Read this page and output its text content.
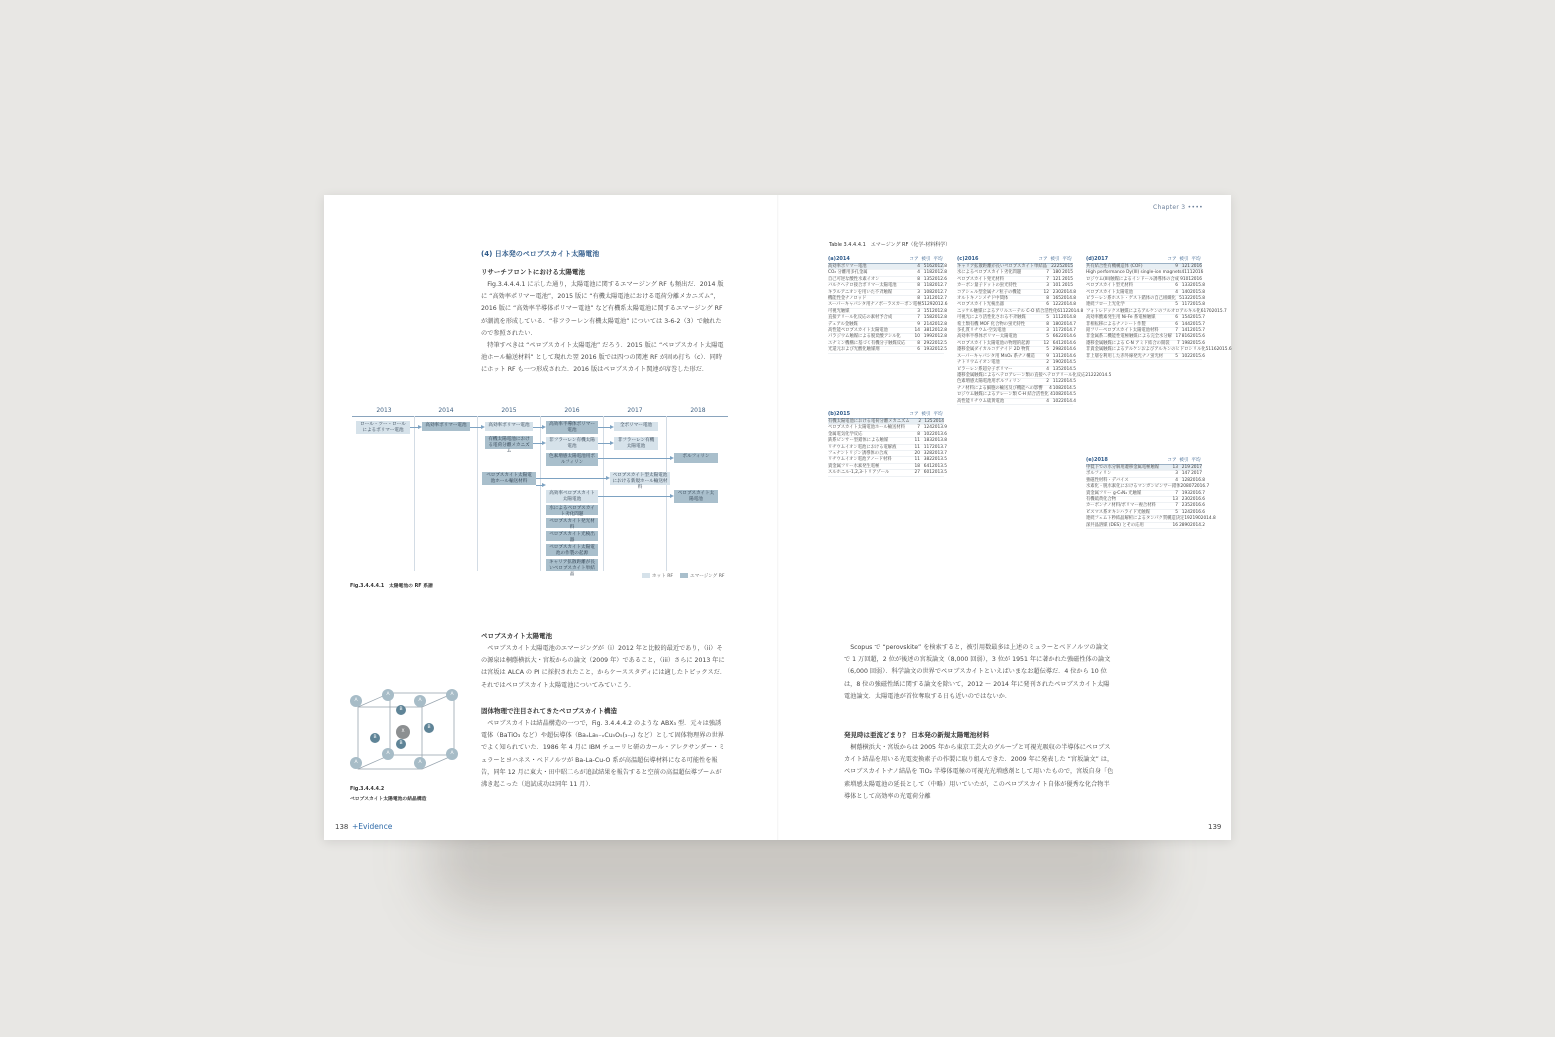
Chapter 3 ••••
(4) 日本発のペロブスカイト太陽電池
リサーチフロントにおける太陽電池

Fig.3.4.4.4.1 に示した通り，太陽電池に関するエマージング RF も頻出だ．2014 版に “高効率ポリマー電池”，2015 版に “有機太陽電池における電荷分離メカニズム”，2016 版に “高効率半導体ポリマー電池” など有機系太陽電池に関するエマージング RF が潮流を形成している．“非フラーレン有機太陽電池” については 3-6-2（3）で触れたので参照されたい．

特筆すべきは “ペロブスカイト太陽電池” だろう．2015 版に “ペロブスカイト太陽電池ホール輸送材料” として現れた翌 2016 版では四つの関連 RF が固め打ち（c）．同時にホット RF も一つ形成された．2016 版はペロブスカイト関連が席巻した形だ．

2013	2014	2015	2016	2017	2018
ロール・ツー・ロールによるポリマー電池
高効率ポリマー電池	高効率ポリマー電池
有機太陽電池における電荷分離メカニズム
ペロブスカイト太陽電池ホール輸送材料
高効率半導体ポリマー電池
非フラーレン有機太陽電池
色素増感太陽電池用ポルフィリン
高効率ペロブスカイト太陽電池
水によるペロブスカイト劣化問題
ペロブスカイト発光材料
ペロブスカイト光検出器
ペロブスカイト太陽電池の作製の起源
キャリア拡散距離が長いペロブスカイト単結晶
全ポリマー電池
非フラーレン有機太陽電池
ペロブスカイト型太陽電池における新規ホール輸送材料
ポルフィリン
ペロブスカイト太陽電池
ホット RF	エマージング RF
Fig.3.4.4.4.1　太陽電池の RF 系譜
ペロブスカイト太陽電池

ペロブスカイト太陽電池のエマージングが（i）2012 年と比較的最近であり，（ii）その源泉は桐蔭横浜大・宮坂からの論文（2009 年）であること，（iii）さらに 2013 年には宮坂は ALCA の PI に採択されたこと，からケーススタディには適したトピックスだ．それではペロブスカイト太陽電池についてみていこう．

固体物理で注目されてきたペロブスカイト構造

ペロブスカイトは結晶構造の一つで，Fig. 3.4.4.4.2 のような ABX₃ 型．元々は強誘電体（BaTiO₃ など）や超伝導体（BaₓLa₅₋ₓCu₅O₅(₃₋ᵧ) など）として固体物理界の世界でよく知られていた．1986 年 4 月に IBM チューリヒ研のカール・アレクサンダー・ミュラーとヨハネス・ベドノルツが Ba-La-Cu-O 系が高温超伝導材料になる可能性を報告，同年 12 月に東大・田中昭二らが追試結果を報告すると空前の高温超伝導ブームが沸き起こった（追試成功は同年 11 月）．

A	A
A	A
A	A
A	A
B
B
B
B
X
Fig.3.4.4.4.2
ペロブスカイト太陽電池の結晶構造
138 +Evidence
Table 3.4.4.4.1　エマージング RF（化学-材料科学）
(a)2014	コア 被引 平均
高効率ポリマー電池	4 516 2012.8
CO₂ 分離用多孔金属	4 118 2012.8
自己可逆な酸性水素イオン	8 135 2012.6
バルクヘテロ接合ポリマー太陽電池	8 118 2012.7
キラルアニオンを用いた不斉触媒	3 108 2012.7
機能性金ナノロッド	8 131 2012.7
スーパーキャパシタ用ナノボーラスカーボン電極 5 129 2012.6
可視光触媒	3 151 2012.8
直接アリール化反応の素材予合成	7 158 2012.8
デュアル金触媒	9 214 2012.8
高性能ペロブスカイト太陽電池	14 381 2012.8
パラジウム触媒による脱炭酸アシル化	10 199 2012.8
エナミン機構に基づく有機分子触媒反応	8 292 2012.5
光還元および光酸化触媒剤	6 193 2012.5
(b)2015	コア 被引 平均
有機太陽電池における電荷分離メカニズム	2 125 2014
ペロブスカイト太陽電池ホール輸送材料	7 124 2013.9
金属電気化学反応	8 102 2013.6
鉄系ピンサー型錯体による触媒	11 183 2013.8
リチウムイオン電池における電解液	11 117 2013.7
フェナントリジン誘導体の合成	20 328 2013.7
リチウムイオン電池アノード材料	11 382 2013.5
貴金属フリー水素発生電極	18 641 2013.5
スルホニル-1,2,3-トリアゾール	27 601 2013.5
(c)2016	コア 被引 平均
キャリア拡散距離が長いペロブスカイト単結晶 2 225 2015
水によるペロブスカイト劣化問題	7 180 2015
ペロブスカイト発光材料	7 121 2015
カーボン量子ドットの蛍光特性	3 101 2015
コアシェル型金属ナノ粒子の機能	12 230 2014.8
オルトキノンメチド中間体	8 165 2014.8
ペロブスカイト光検出器	6 122 2014.8
ニッケル触媒によるアリルエーテル C-O 結合活性化 6 112 2014.8
可視光により活性化される不斉触媒	5 111 2014.8
希土類有機 MOF 化合物の蛍光特性	8 180 2014.7
多孔質リチウム-空気電池	3 117 2014.7
高効率半導体ポリマー太陽電池	5 662 2014.6
ペロブスカイト太陽電池の物理的起源	12 641 2014.6
遷移金属ダイカルコゲナイド 2D 物質	5 298 2014.6
スーパーキャパシタ用 MnO₂ 系ナノ構造	9 131 2014.6
ナトリウムイオン電池	2 190 2014.5
ピラーレン系超分子ポリマー	4 135 2014.5
遷移金属触媒によるヘテロアレーン類の直接ヘテロアリール化反応 2 122 2014.5
色素増感太陽電池用ポルフィリン	2 112 2014.5
ナノ材料による細胞の輸送及び機能への影響	4 108 2014.5
ロジウム触媒によるアレーン類 C-H 結合活性化 4 108 2014.5
高性能リチウム硫黄電池	4 102 2014.4
(d)2017	コア 被引 平均
共有結合性有機構造体 (COF)	9 121 2016
High performance Dy(III) single-ion magnets 4 111 2016
ロジウム(III)触媒によるインドール誘導体の合成 9 101 2016
ペロブスカイト型光材料	6 133 2015.8
ペロブスカイト太陽電池	4 140 2015.8
ピラーレン系ホスト・ゲスト錯体の自己組織化 5 132 2015.8
連続フロー上光化学	5 117 2015.8
フォトレドックス触媒によるアルケンのフルオロアルキル化 6 170 2015.7
高効率酸素発生用 Ni-Fe 系電極触媒	6 154 2015.7
非相転移によるナノシート作製	6 144 2015.7
鉛フリーペロブスカイト太陽電池材料	7 141 2015.7
非金属系二機能性電極触媒による完全水分解 17 816 2015.6
遷移金属触媒による C-N アミド結合の開裂	7 198 2015.6
非貴金属触媒によるアルケンおよびアルキンのヒドロシリル化 5 116 2015.6
非上層を利用した赤外線発光ナノ蛍光材	5 102 2015.6
(e)2018	コア 被引 平均
中低下での水分解用遷移金属電極触媒	13 219 2017
ポルフィリン	3 147 2017
強磁性材料・デバイス	4 128 2016.8
水素化・脱水素化におけるマンガンピンサー錯体 20 807 2016.7
貴金属フリー g-C₃N₄ 光触媒	7 193 2016.7
有機硫黄化合物	13 230 2016.6
カーボンナノ材料/ポリマー複合材料	7 235 2016.6
ビスマス系オキシハライド光触媒	5 124 2016.6
連続フェムト秒結晶解析によるタンパク質構造決定 19 2190 2014.8
深共晶溶媒 (DES) とその応用	16 2890 2014.2

Scopus で “perovskite” を検索すると，被引用数最多は上述のミュラーとベドノルツの論文で 1 万回超，2 位が後述の宮坂論文（8,000 回弱），3 位が 1951 年に著かれた強磁性体の論文（6,000 回弱）．科学論文の世界でペロブスカイトといえばいまなお超伝導だ．4 位から 10 位は，8 位の強磁性紙に関する論文を除いて，2012 ～ 2014 年に発刊されたペロブスカイト太陽電池論文．太陽電池が首位奪取する日も近いのではないか．

発見時は亜流どまり？ 日本発の新規太陽電池材料

桐蔭横浜大・宮坂からは 2005 年から東京工芸大のグループと可視光吸収の半導体にペロブスカイト結晶を用いる光電変換素子の作製に取り組んできた．2009 年に発表した “宮坂論文” は，ペロブスカイトナノ結晶を TiO₂ 半導体電極の可視光光増感剤として用いたもので，宮坂自身「色素増感太陽電池の延長として（中略）用いていたが，このペロブスカイト自体が優秀な化合物半導体として高効率の光電荷分離

139
